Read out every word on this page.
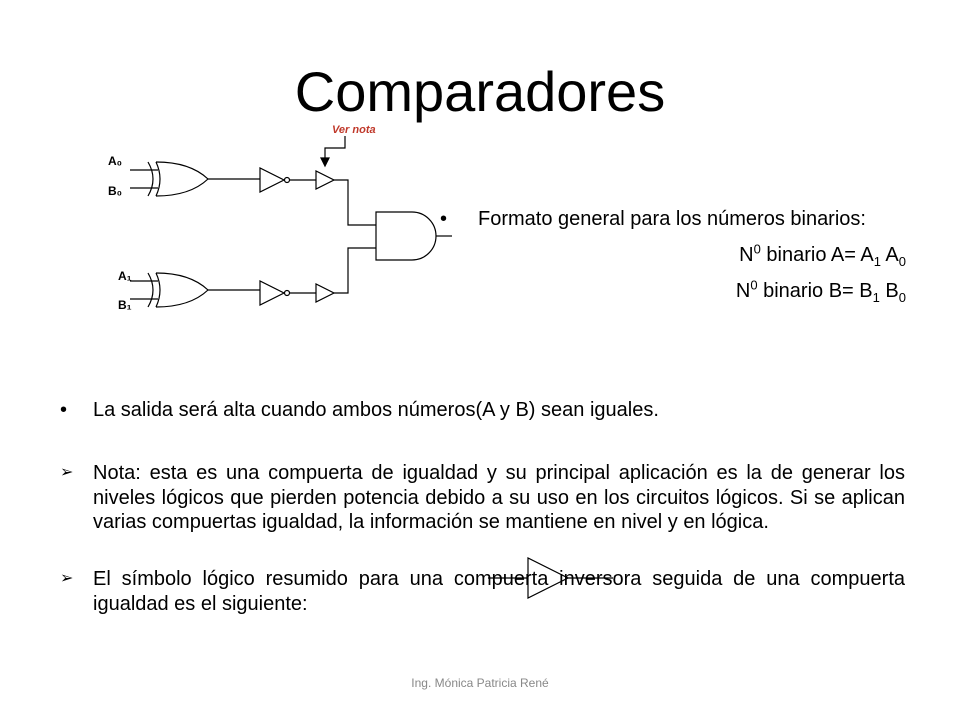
Comparadores
A₀
B₀
A₁
B₁
Ver nota
• Formato general para los números binarios:
$N^0$ binario $A= A_1$ $A_0$
$N^0$ binario $B= B_1$ $B_0$
•	La salida será alta cuando ambos números(A y B) sean iguales.
➢ Nota: esta es una compuerta de igualdad y su principal aplicación es la de generar los niveles lógicos que pierden potencia debido a su uso en los circuitos lógicos. Si se aplican varias compuertas igualdad, la información se mantiene en nivel y en lógica.
➢ El símbolo lógico resumido para una compuerta inversora seguida de una compuerta igualdad es el siguiente:
Ing. Mónica Patricia René
